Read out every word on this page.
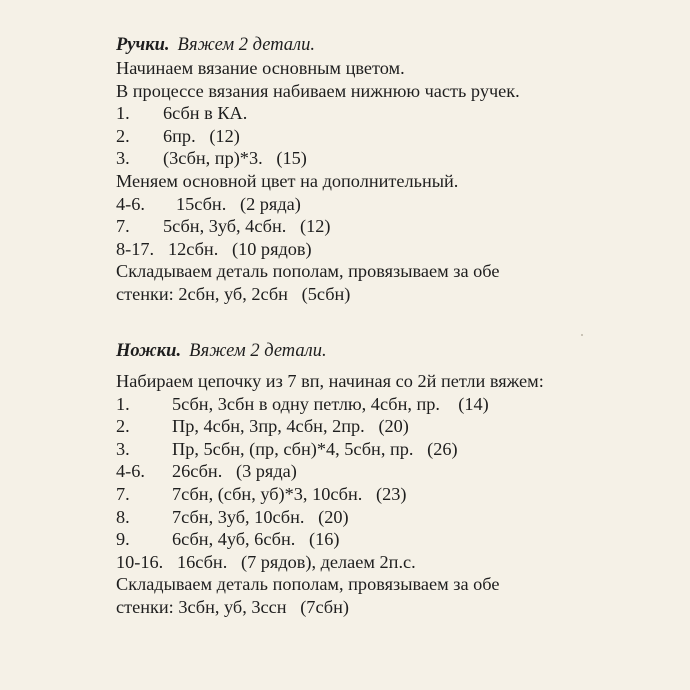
Ручки. Вяжем 2 детали.
Начинаем вязание основным цветом.
В процессе вязания набиваем нижнюю часть ручек.
1.	6сбн в КА.
2.	6пр.   (12)
3.	(3сбн, пр)*3.   (15)
Меняем основной цвет на дополнительный.
4-6.	15сбн.   (2 ряда)
7.	5сбн, 3уб, 4сбн.   (12)
8-17. 12сбн.   (10 рядов)
Складываем деталь пополам, провязываем за обе
стенки: 2сбн, уб, 2сбн   (5сбн)
Ножки. Вяжем 2 детали.
Набираем цепочку из 7 вп, начиная со 2й петли вяжем:
1.	5сбн, 3сбн в одну петлю, 4сбн, пр.    (14)
2.	Пр, 4сбн, 3пр, 4сбн, 2пр.   (20)
3.	Пр, 5сбн, (пр, сбн)*4, 5сбн, пр.   (26)
4-6.	26сбн.   (3 ряда)
7.	7сбн, (сбн, уб)*3, 10сбн.   (23)
8.	7сбн, 3уб, 10сбн.   (20)
9.	6сбн, 4уб, 6сбн.   (16)
10-16. 16сбн.   (7 рядов), делаем 2п.с.
Складываем деталь пополам, провязываем за обе
стенки: 3сбн, уб, 3ссн   (7сбн)
